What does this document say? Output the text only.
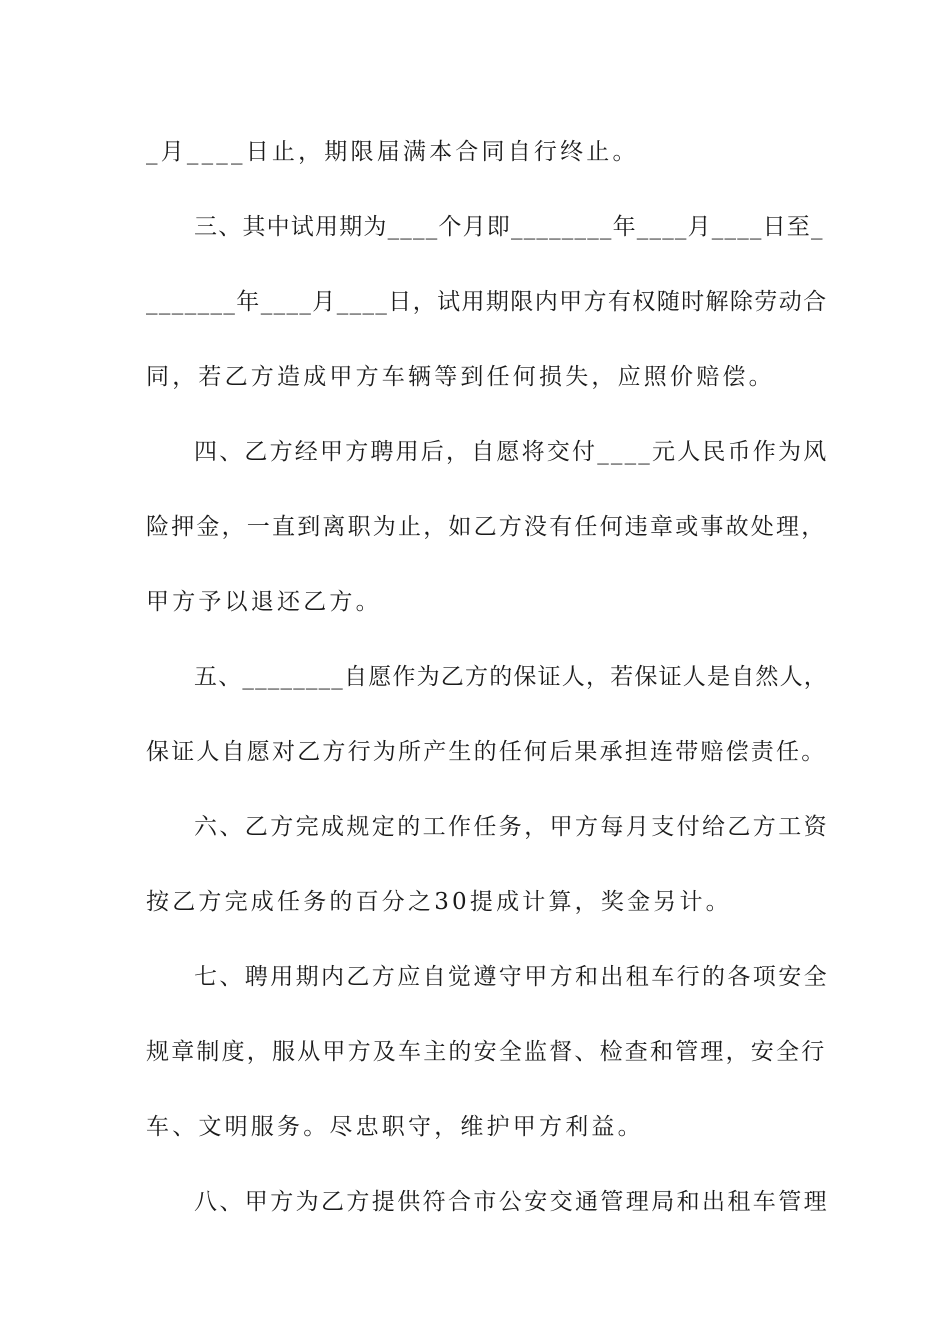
_月____日止，期限届满本合同自行终止。
三、其中试用期为____个月即________年____月____日至_
_______年____月____日，试用期限内甲方有权随时解除劳动合
同，若乙方造成甲方车辆等到任何损失，应照价赔偿。
四、乙方经甲方聘用后，自愿将交付____元人民币作为风
险押金，一直到离职为止，如乙方没有任何违章或事故处理，
甲方予以退还乙方。
五、________自愿作为乙方的保证人，若保证人是自然人，
保证人自愿对乙方行为所产生的任何后果承担连带赔偿责任。
六、乙方完成规定的工作任务，甲方每月支付给乙方工资
按乙方完成任务的百分之30提成计算，奖金另计。
七、聘用期内乙方应自觉遵守甲方和出租车行的各项安全
规章制度，服从甲方及车主的安全监督、检查和管理，安全行
车、文明服务。尽忠职守，维护甲方利益。
八、甲方为乙方提供符合市公安交通管理局和出租车管理
